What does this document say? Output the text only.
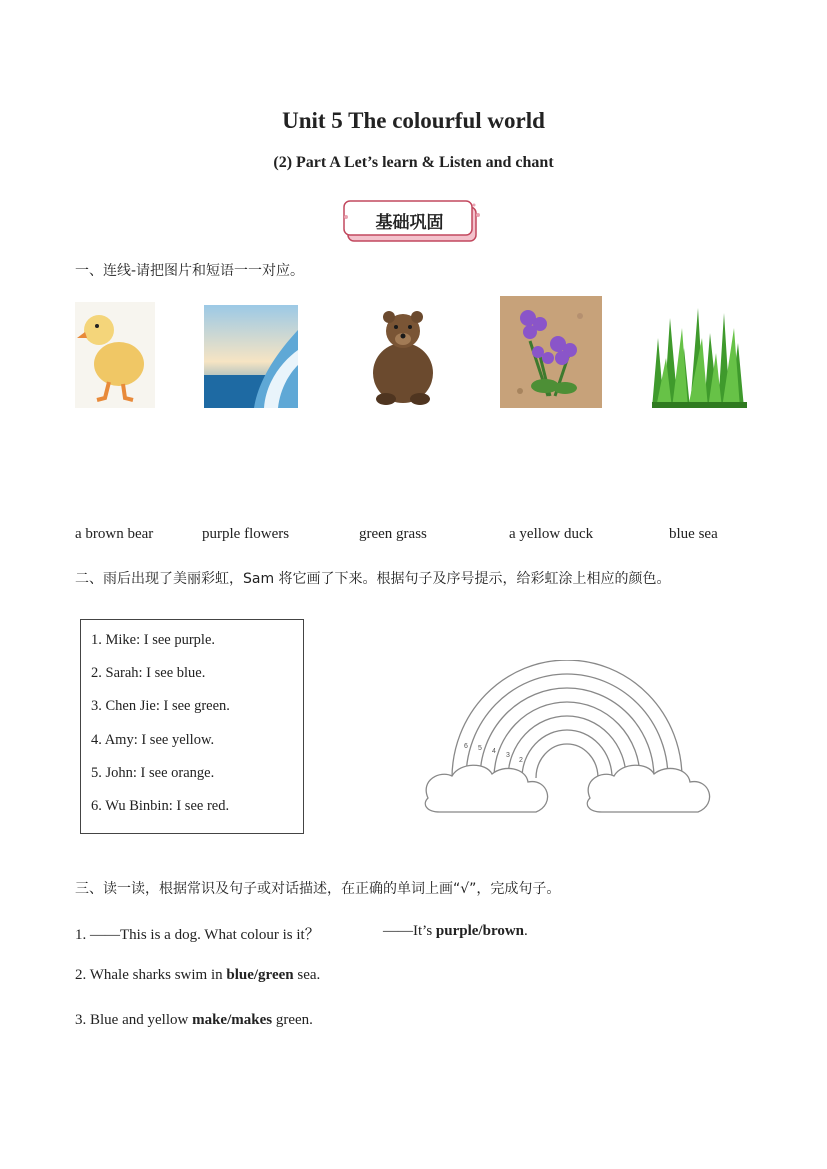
Unit 5 The colourful world
(2) Part A Let’s learn & Listen and chant
基础巩固
一、连线-请把图片和短语一一对应。
a brown bear	purple flowers	green grass	a yellow duck	blue sea
二、雨后出现了美丽彩虹，Sam 将它画了下来。根据句子及序号提示，给彩虹涂上相应的颜色。
1. Mike: I see purple.
2. Sarah: I see blue.
3. Chen Jie: I see green.
4. Amy: I see yellow.
5. John: I see orange.
6. Wu Binbin: I see red.
6 5 4
3
2
三、读一读，根据常识及句子或对话描述，在正确的单词上画“√”，完成句子。
1. ——This is a dog. What colour is it？	——It’s purple/brown.
2. Whale sharks swim in blue/green sea.
3. Blue and yellow make/makes green.
